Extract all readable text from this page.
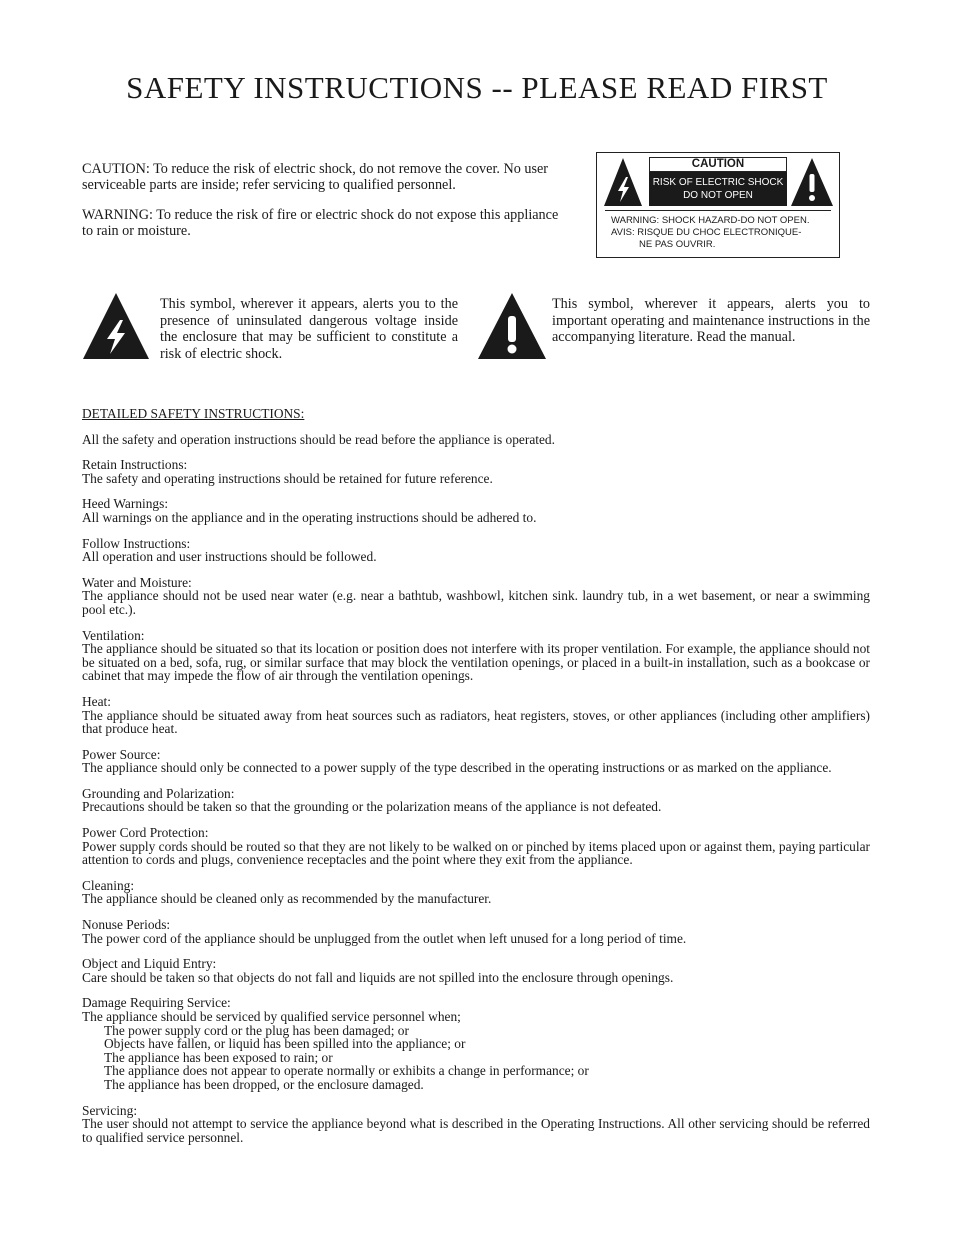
SAFETY INSTRUCTIONS -- PLEASE READ FIRST

CAUTION: To reduce the risk of electric shock, do not remove the cover. No user serviceable parts are inside; refer servicing to qualified personnel.

WARNING: To reduce the risk of fire or electric shock do not expose this appliance to rain or moisture.

CAUTION
RISK OF ELECTRIC SHOCK
DO NOT OPEN
WARNING: SHOCK HAZARD-DO NOT OPEN.
AVIS: RISQUE DU CHOC ELECTRONIQUE-
NE PAS OUVRIR.
This symbol, wherever it appears, alerts you to the presence of uninsulated dangerous voltage inside the enclosure that may be sufficient to constitute a risk of electric shock.
This symbol, wherever it appears, alerts you to important operating and maintenance instructions in the accompanying literature. Read the manual.
DETAILED SAFETY INSTRUCTIONS:
All the safety and operation instructions should be read before the appliance is operated.
Retain Instructions:
The safety and operating instructions should be retained for future reference.
Heed Warnings:
All warnings on the appliance and in the operating instructions should be adhered to.
Follow Instructions:
All operation and user instructions should be followed.
Water and Moisture:
The appliance should not be used near water (e.g. near a bathtub, washbowl, kitchen sink. laundry tub, in a wet basement, or near a swimming pool etc.).
Ventilation:
The appliance should be situated so that its location or position does not interfere with its proper ventilation. For example, the appliance should not be situated on a bed, sofa, rug, or similar surface that may block the ventilation openings, or placed in a built-in installation, such as a bookcase or cabinet that may impede the flow of air through the ventilation openings.
Heat:
The appliance should be situated away from heat sources such as radiators, heat registers, stoves, or other appliances (including other amplifiers) that produce heat.
Power Source:
The appliance should only be connected to a power supply of the type described in the operating instructions or as marked on the appliance.
Grounding and Polarization:
Precautions should be taken so that the grounding or the polarization means of the appliance is not defeated.
Power Cord Protection:
Power supply cords should be routed so that they are not likely to be walked on or pinched by items placed upon or against them, paying particular attention to cords and plugs, convenience receptacles and the point where they exit from the appliance.
Cleaning:
The appliance should be cleaned only as recommended by the manufacturer.
Nonuse Periods:
The power cord of the appliance should be unplugged from the outlet when left unused for a long period of time.
Object and Liquid Entry:
Care should be taken so that objects do not fall and liquids are not spilled into the enclosure through openings.
Damage Requiring Service:
The appliance should be serviced by qualified service personnel when;
The power supply cord or the plug has been damaged; or
Objects have fallen, or liquid has been spilled into the appliance; or
The appliance has been exposed to rain; or
The appliance does not appear to operate normally or exhibits a change in performance; or
The appliance has been dropped, or the enclosure damaged.
Servicing:
The user should not attempt to service the appliance beyond what is described in the Operating Instructions. All other servicing should be referred to qualified service personnel.
